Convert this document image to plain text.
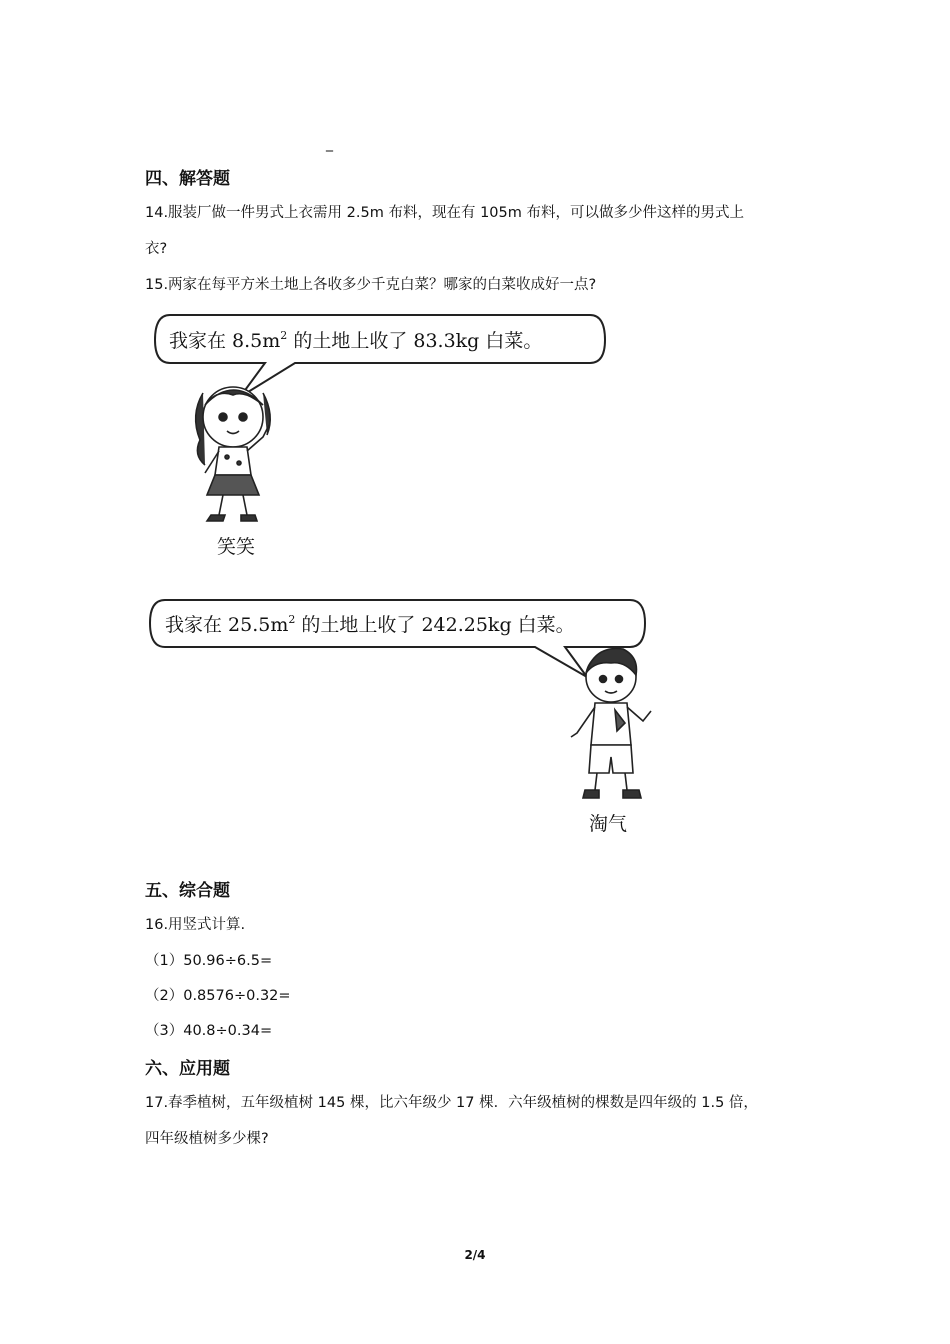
_
四、解答题
14.服装厂做一件男式上衣需用 2.5m 布料，现在有 105m 布料，可以做多少件这样的男式上
衣?
15.两家在每平方米土地上各收多少千克白菜？哪家的白菜收成好一点?
我家在 $8.5m^2$ 的土地上收了 83.3kg 白菜。
笑笑
我家在 $25.5m^2$ 的土地上收了 242.25kg 白菜。
淘气
五、综合题
16.用竖式计算.
（1）50.96÷6.5=
（2）0.8576÷0.32=
（3）40.8÷0.34=
六、应用题
17.春季植树，五年级植树 145 棵，比六年级少 17 棵．六年级植树的棵数是四年级的 1.5 倍，
四年级植树多少棵?
2/4
